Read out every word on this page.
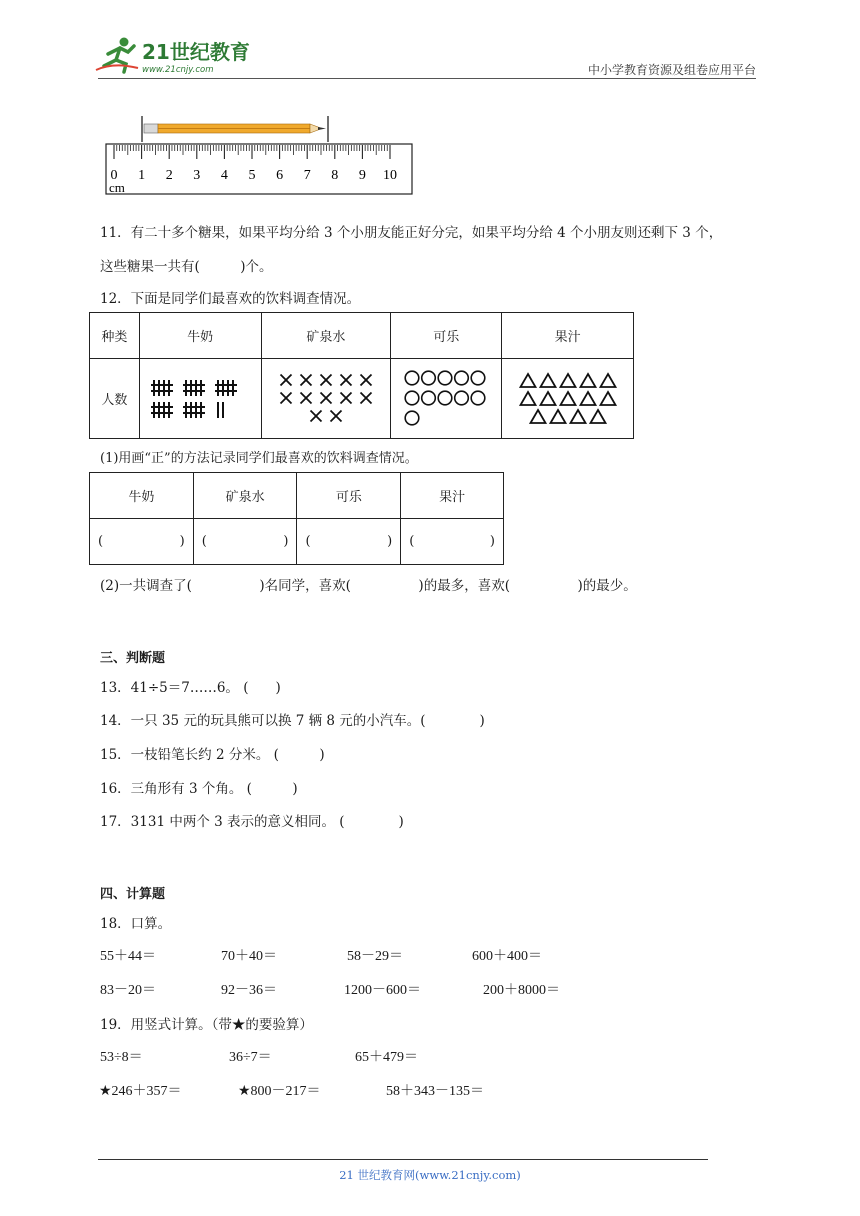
21世纪教育
www.21cnjy.com	中小学教育资源及组卷应用平台
0 1 2 3 4 5 6 7 8 9 10
cm
11．有二十多个糖果，如果平均分给 3 个小朋友能正好分完，如果平均分给 4 个小朋友则还剩下 3 个，
这些糖果一共有(　　　)个。
12．下面是同学们最喜欢的饮料调查情况。
种类	牛奶	矿泉水	可乐	果汁
人数	

(1)用画“正”的方法记录同学们最喜欢的饮料调查情况。
牛奶	矿泉水	可乐	果汁

( )	( )	( )	( )
(2)一共调查了(　　　　　)名同学，喜欢(　　　　　)的最多，喜欢(　　　　　)的最少。
三、判断题
13．41÷5＝7……6。 (　　)
14．一只 35 元的玩具熊可以换 7 辆 8 元的小汽车。(　　　　)
15．一枝铅笔长约 2 分米。 (　　　)
16．三角形有 3 个角。 (　　　)
17．3131 中两个 3 表示的意义相同。 (　　　　)
四、计算题
18．口算。
55＋44＝	70＋40＝	58－29＝	600＋400＝
83－20＝	92－36＝	1200－600＝	200＋8000＝
19．用竖式计算。（带★的要验算）
53÷8＝	36÷7＝	65＋479＝
★246＋357＝	★800－217＝	58＋343－135＝
21 世纪教育网(www.21cnjy.com)
